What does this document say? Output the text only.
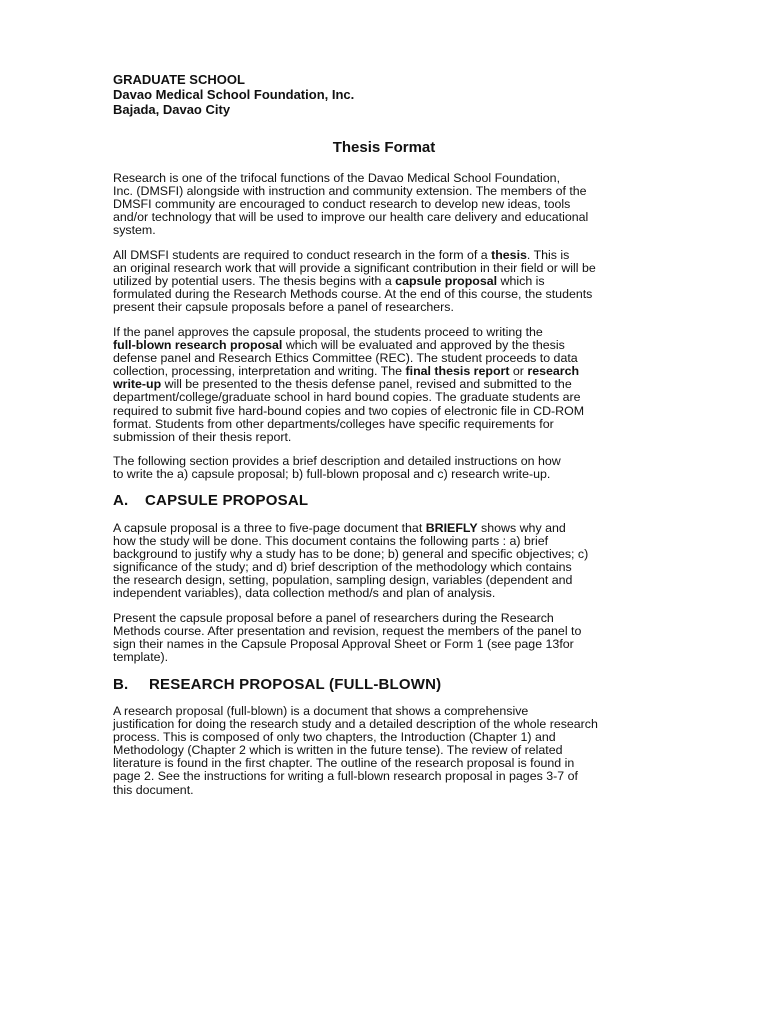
GRADUATE SCHOOL
Davao Medical School Foundation, Inc.
Bajada, Davao City
Thesis Format

Research is one of the trifocal functions of the Davao Medical School Foundation,
Inc. (DMSFI) alongside with instruction and community extension. The members of the
DMSFI community are encouraged to conduct research to develop new ideas, tools
and/or technology that will be used to improve our health care delivery and educational
system.

All DMSFI students are required to conduct research in the form of a thesis. This is
an original research work that will provide a significant contribution in their field or will be
utilized by potential users. The thesis begins with a capsule proposal which is
formulated during the Research Methods course. At the end of this course, the students
present their capsule proposals before a panel of researchers.

If the panel approves the capsule proposal, the students proceed to writing the
full-blown research proposal which will be evaluated and approved by the thesis
defense panel and Research Ethics Committee (REC). The student proceeds to data
collection, processing, interpretation and writing. The final thesis report or research
write-up will be presented to the thesis defense panel, revised and submitted to the
department/college/graduate school in hard bound copies. The graduate students are
required to submit five hard-bound copies and two copies of electronic file in CD-ROM
format. Students from other departments/colleges have specific requirements for
submission of their thesis report.

The following section provides a brief description and detailed instructions on how
to write the a) capsule proposal; b) full-blown proposal and c) research write-up.

A. CAPSULE PROPOSAL

A capsule proposal is a three to five-page document that BRIEFLY shows why and
how the study will be done. This document contains the following parts : a) brief
background to justify why a study has to be done; b) general and specific objectives; c)
significance of the study; and d) brief description of the methodology which contains
the research design, setting, population, sampling design, variables (dependent and
independent variables), data collection method/s and plan of analysis.

Present the capsule proposal before a panel of researchers during the Research
Methods course. After presentation and revision, request the members of the panel to
sign their names in the Capsule Proposal Approval Sheet or Form 1 (see page 13for
template).

B. RESEARCH PROPOSAL (FULL-BLOWN)

A research proposal (full-blown) is a document that shows a comprehensive
justification for doing the research study and a detailed description of the whole research
process. This is composed of only two chapters, the Introduction (Chapter 1) and
Methodology (Chapter 2 which is written in the future tense). The review of related
literature is found in the first chapter. The outline of the research proposal is found in
page 2. See the instructions for writing a full-blown research proposal in pages 3-7 of
this document.
